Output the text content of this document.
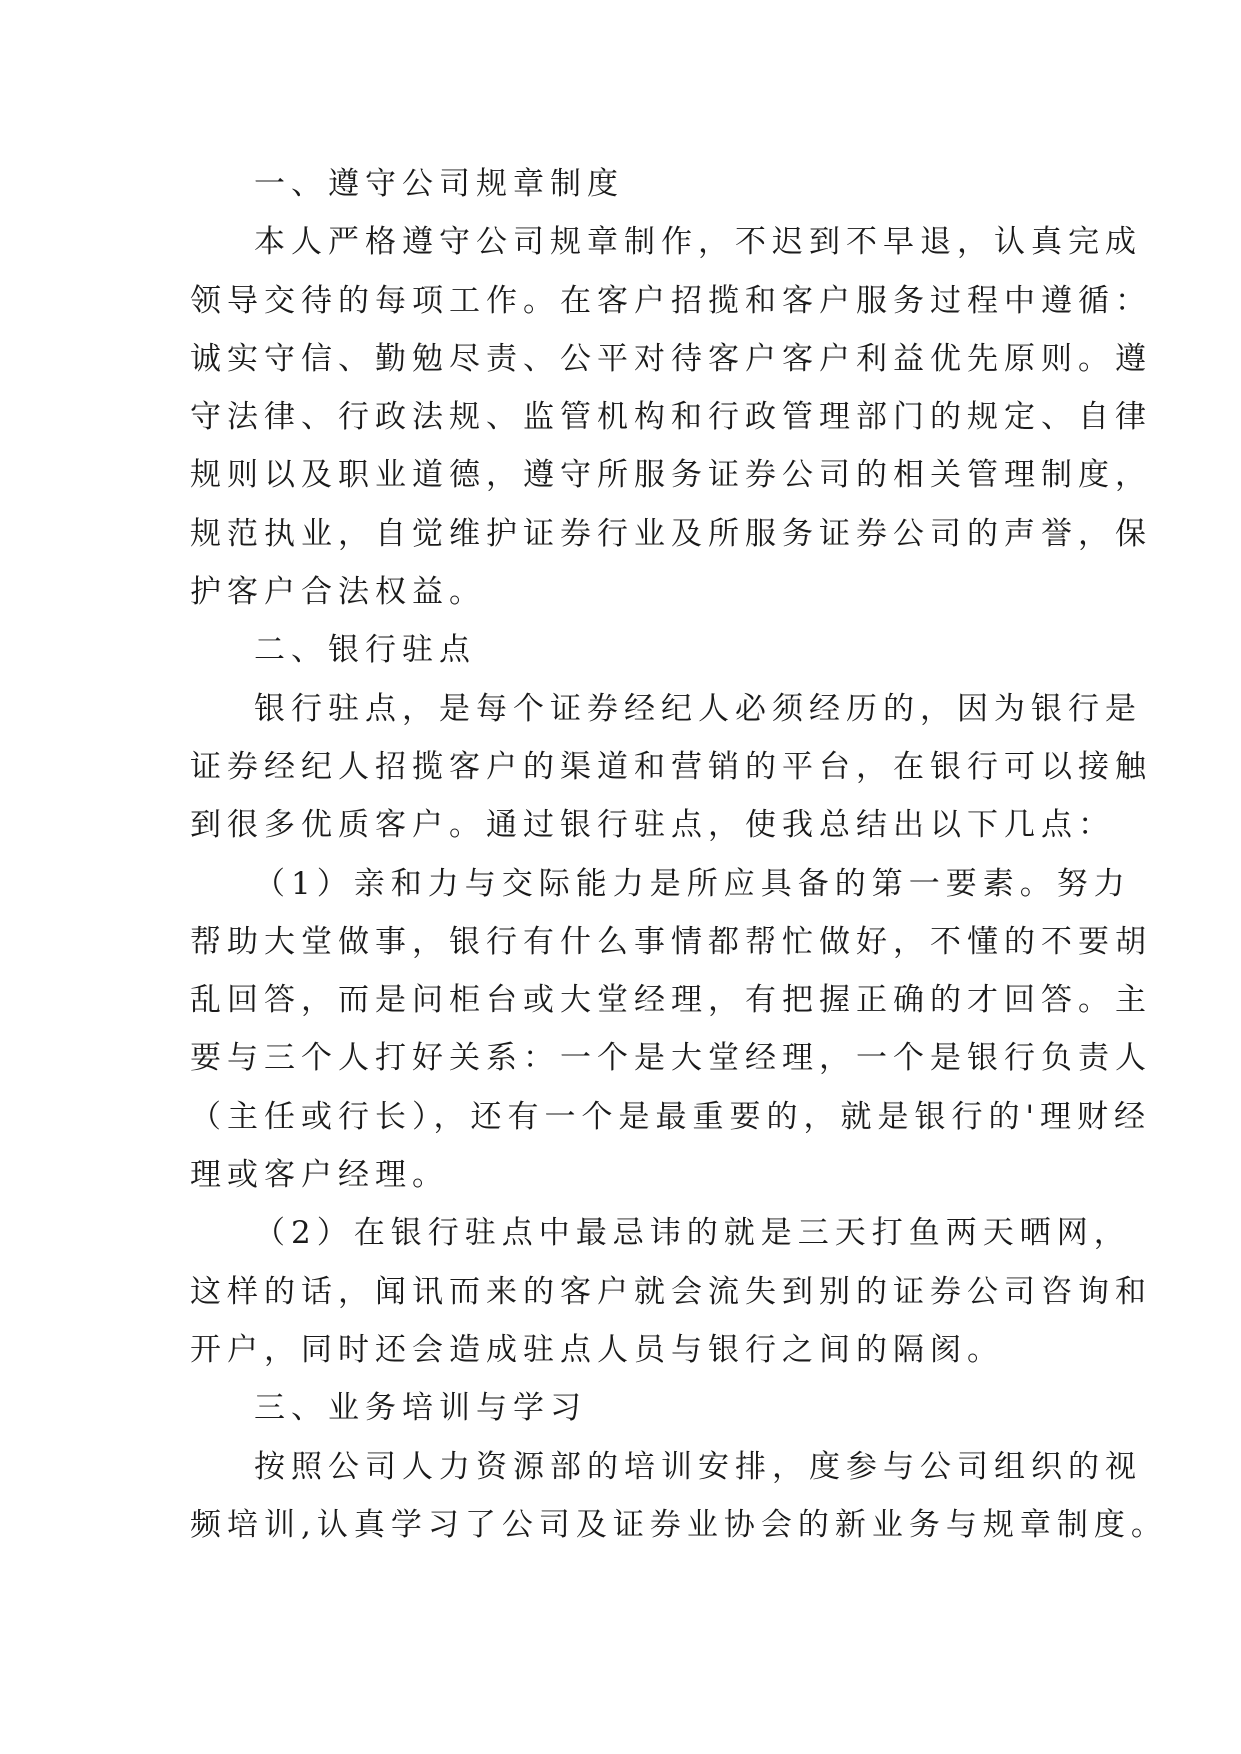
一、遵守公司规章制度
本人严格遵守公司规章制作，不迟到不早退，认真完成
领导交待的每项工作。在客户招揽和客户服务过程中遵循：
诚实守信、勤勉尽责、公平对待客户客户利益优先原则。遵
守法律、行政法规、监管机构和行政管理部门的规定、自律
规则以及职业道德，遵守所服务证券公司的相关管理制度，
规范执业，自觉维护证券行业及所服务证券公司的声誉，保
护客户合法权益。
二、银行驻点
银行驻点，是每个证券经纪人必须经历的，因为银行是
证券经纪人招揽客户的渠道和营销的平台，在银行可以接触
到很多优质客户。通过银行驻点，使我总结出以下几点：
（1）亲和力与交际能力是所应具备的第一要素。努力
帮助大堂做事，银行有什么事情都帮忙做好，不懂的不要胡
乱回答，而是问柜台或大堂经理，有把握正确的才回答。主
要与三个人打好关系：一个是大堂经理，一个是银行负责人
（主任或行长），还有一个是最重要的，就是银行的'理财经
理或客户经理。
（2）在银行驻点中最忌讳的就是三天打鱼两天晒网，
这样的话，闻讯而来的客户就会流失到别的证券公司咨询和
开户，同时还会造成驻点人员与银行之间的隔阂。
三、业务培训与学习
按照公司人力资源部的培训安排，度参与公司组织的视
频培训,认真学习了公司及证券业协会的新业务与规章制度。
